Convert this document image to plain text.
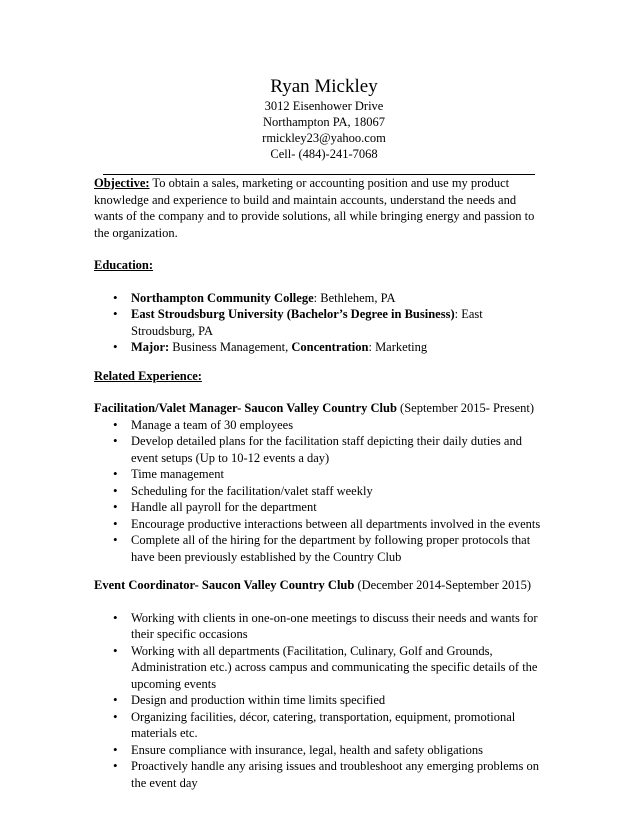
Ryan Mickley
3012 Eisenhower Drive
Northampton PA, 18067
rmickley23@yahoo.com
Cell- (484)-241-7068

Objective: To obtain a sales, marketing or accounting position and use my product knowledge and experience to build and maintain accounts, understand the needs and wants of the company and to provide solutions, all while bringing energy and passion to the organization.

Education:

• Northampton Community College: Bethlehem, PA
• East Stroudsburg University (Bachelor’s Degree in Business): East Stroudsburg, PA
• Major: Business Management, Concentration: Marketing

Related Experience:

Facilitation/Valet Manager- Saucon Valley Country Club (September 2015- Present)

• Manage a team of 30 employees
• Develop detailed plans for the facilitation staff depicting their daily duties and event setups (Up to 10-12 events a day)
• Time management
• Scheduling for the facilitation/valet staff weekly
• Handle all payroll for the department
• Encourage productive interactions between all departments involved in the events
• Complete all of the hiring for the department by following proper protocols that have been previously established by the Country Club

Event Coordinator- Saucon Valley Country Club (December 2014-September 2015)

• Working with clients in one-on-one meetings to discuss their needs and wants for their specific occasions
• Working with all departments (Facilitation, Culinary, Golf and Grounds, Administration etc.) across campus and communicating the specific details of the upcoming events
• Design and production within time limits specified
• Organizing facilities, décor, catering, transportation, equipment, promotional materials etc.
• Ensure compliance with insurance, legal, health and safety obligations
• Proactively handle any arising issues and troubleshoot any emerging problems on the event day
